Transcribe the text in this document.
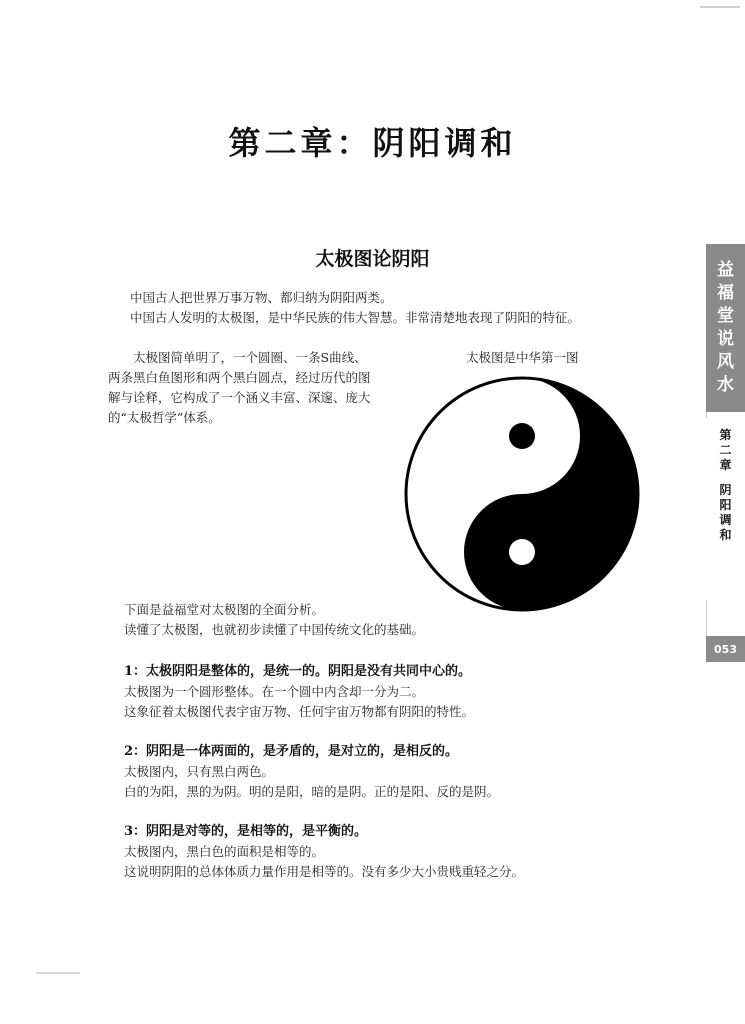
第二章：阴阳调和
太极图论阴阳
中国古人把世界万事万物、都归纳为阴阳两类。
中国古人发明的太极图，是中华民族的伟大智慧。非常清楚地表现了阴阳的特征。
太极图简单明了，一个圆圈、一条S曲线、两条黑白鱼图形和两个黑白圆点，经过历代的图解与诠释，它构成了一个涵义丰富、深邃、庞大的“太极哲学”体系。
太极图是中华第一图
下面是益福堂对太极图的全面分析。
读懂了太极图，也就初步读懂了中国传统文化的基础。
1：太极阴阳是整体的，是统一的。阴阳是没有共同中心的。
太极图为一个圆形整体。在一个圆中内含却一分为二。
这象征着太极图代表宇宙万物、任何宇宙万物都有阴阳的特性。
2：阴阳是一体两面的，是矛盾的，是对立的，是相反的。
太极图内，只有黑白两色。
白的为阳，黑的为阴。明的是阳，暗的是阴。正的是阳、反的是阴。
3：阴阳是对等的，是相等的，是平衡的。
太极图内，黑白色的面积是相等的。
这说明阴阳的总体体质力量作用是相等的。没有多少大小贵贱重轻之分。
益
福
堂
说
风
水
第
二
章
阴
阳
调
和
053
